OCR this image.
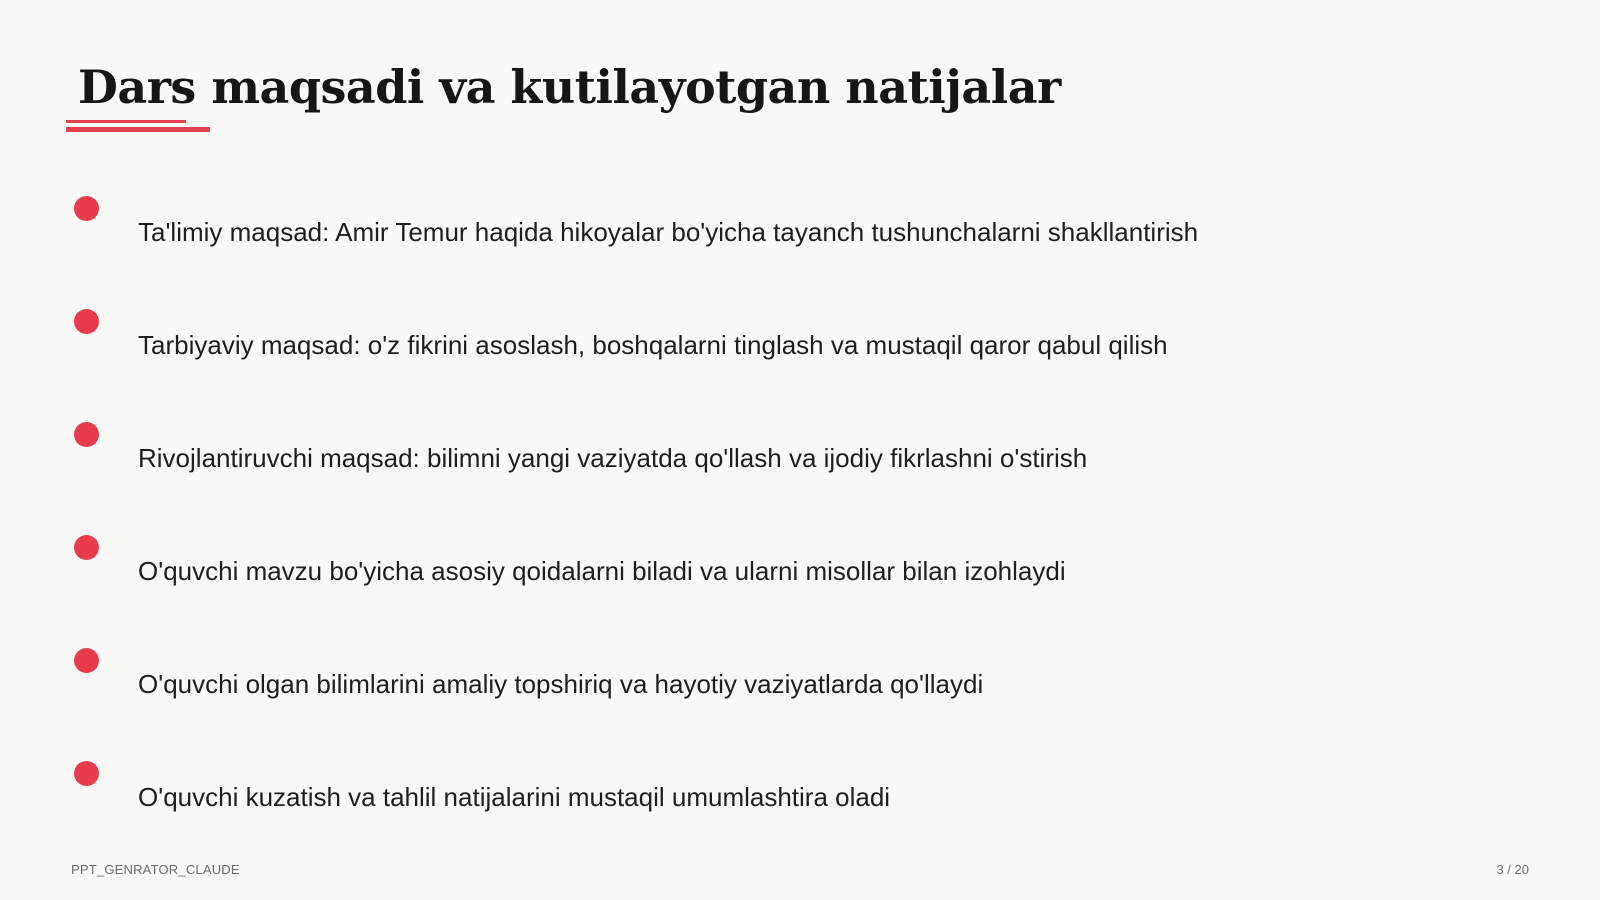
Dars maqsadi va kutilayotgan natijalar
Ta'limiy maqsad: Amir Temur haqida hikoyalar bo'yicha tayanch tushunchalarni shakllantirish
Tarbiyaviy maqsad: o'z fikrini asoslash, boshqalarni tinglash va mustaqil qaror qabul qilish
Rivojlantiruvchi maqsad: bilimni yangi vaziyatda qo'llash va ijodiy fikrlashni o'stirish
O'quvchi mavzu bo'yicha asosiy qoidalarni biladi va ularni misollar bilan izohlaydi
O'quvchi olgan bilimlarini amaliy topshiriq va hayotiy vaziyatlarda qo'llaydi
O'quvchi kuzatish va tahlil natijalarini mustaqil umumlashtira oladi
PPT_GENRATOR_CLAUDE	3 / 20
